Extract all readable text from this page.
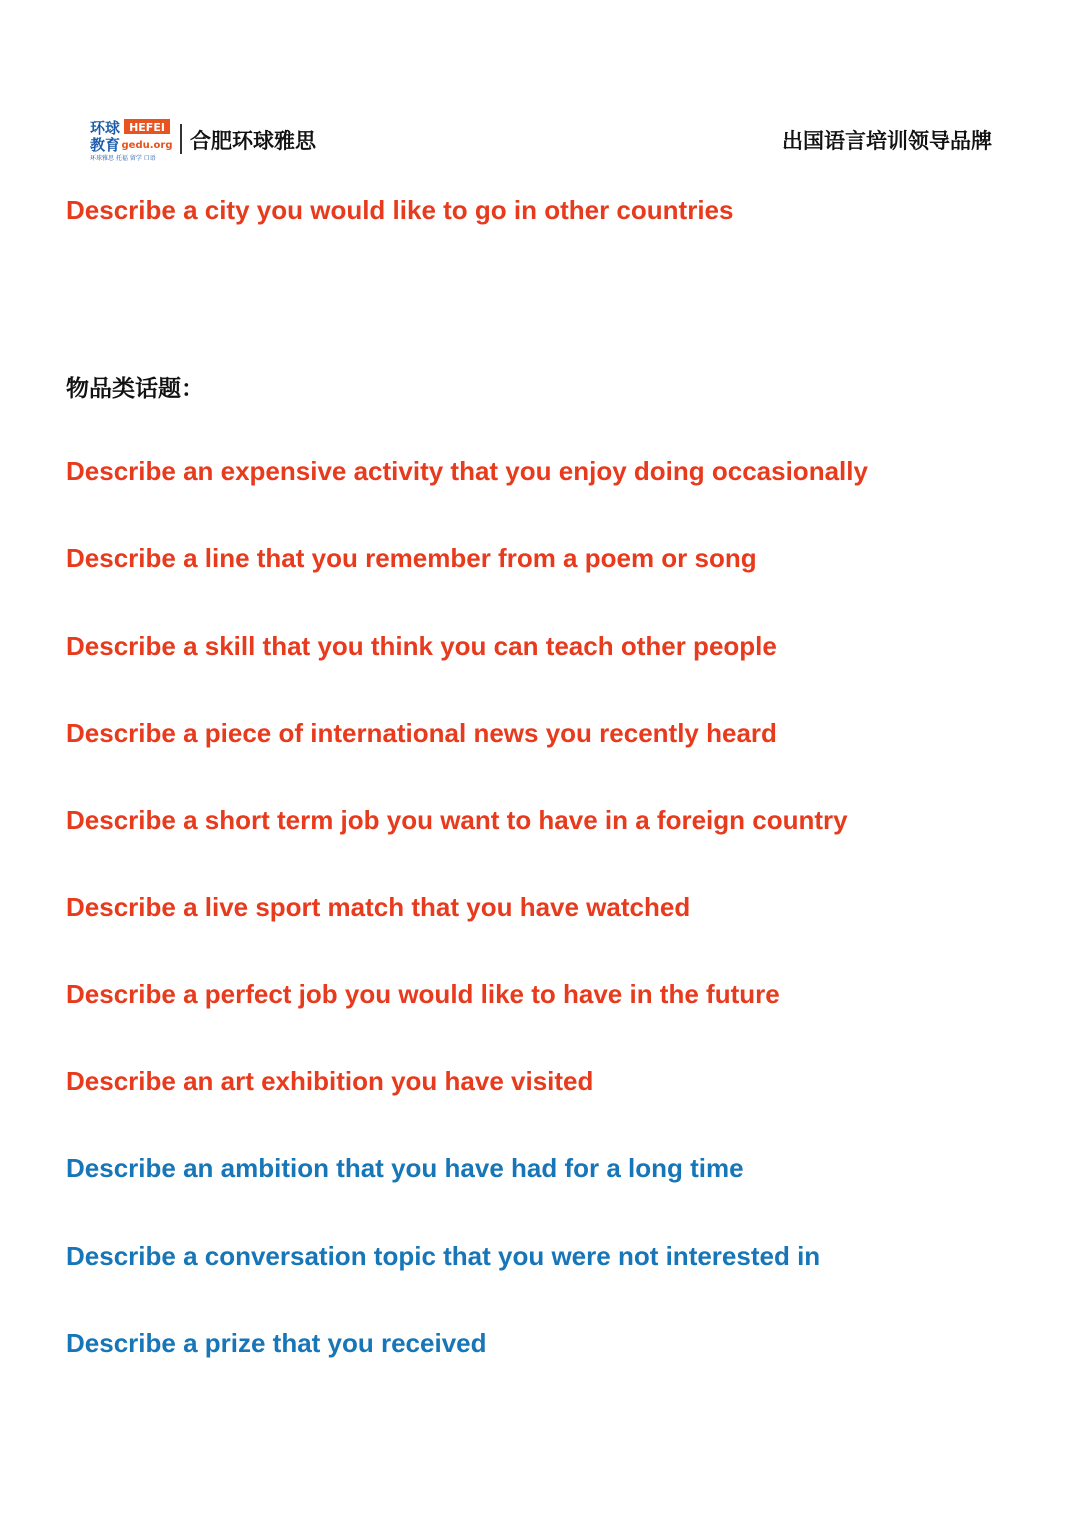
环球
教育
HEFEI
gedu.org
环球雅思 托福 留学 口语
合肥环球雅思	出国语言培训领导品牌
Describe a city you would like to go in other countries
物品类话题：
Describe an expensive activity that you enjoy doing occasionally
Describe a line that you remember from a poem or song
Describe a skill that you think you can teach other people
Describe a piece of international news you recently heard
Describe a short term job you want to have in a foreign country
Describe a live sport match that you have watched
Describe a perfect job you would like to have in the future
Describe an art exhibition you have visited
Describe an ambition that you have had for a long time
Describe a conversation topic that you were not interested in
Describe a prize that you received
